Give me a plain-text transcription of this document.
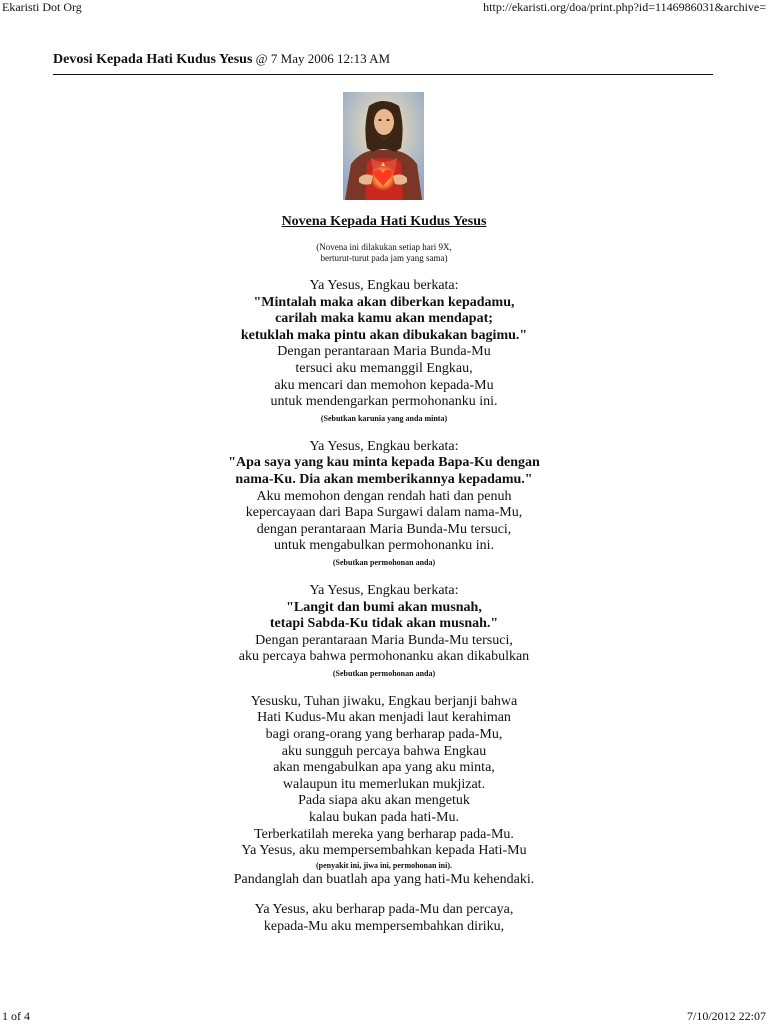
Ekaristi Dot Org	http://ekaristi.org/doa/print.php?id=1146986031&archive=
Devosi Kepada Hati Kudus Yesus @ 7 May 2006 12:13 AM

Novena Kepada Hati Kudus Yesus

(Novena ini dilakukan setiap hari 9X,
berturut-turut pada jam yang sama)
Ya Yesus, Engkau berkata:
"Mintalah maka akan diberkan kepadamu,
carilah maka kamu akan mendapat;
ketuklah maka pintu akan dibukakan bagimu."
Dengan perantaraan Maria Bunda-Mu
tersuci aku memanggil Engkau,
aku mencari dan memohon kepada-Mu
untuk mendengarkan permohonanku ini.
(Sebutkan karunia yang anda minta)
Ya Yesus, Engkau berkata:
"Apa saya yang kau minta kepada Bapa-Ku dengan
nama-Ku. Dia akan memberikannya kepadamu."
Aku memohon dengan rendah hati dan penuh
kepercayaan dari Bapa Surgawi dalam nama-Mu,
dengan perantaraan Maria Bunda-Mu tersuci,
untuk mengabulkan permohonanku ini.
(Sebutkan permohonan anda)
Ya Yesus, Engkau berkata:
"Langit dan bumi akan musnah,
tetapi Sabda-Ku tidak akan musnah."
Dengan perantaraan Maria Bunda-Mu tersuci,
aku percaya bahwa permohonanku akan dikabulkan
(Sebutkan permohonan anda)
Yesusku, Tuhan jiwaku, Engkau berjanji bahwa
Hati Kudus-Mu akan menjadi laut kerahiman
bagi orang-orang yang berharap pada-Mu,
aku sungguh percaya bahwa Engkau
akan mengabulkan apa yang aku minta,
walaupun itu memerlukan mukjizat.
Pada siapa aku akan mengetuk
kalau bukan pada hati-Mu.
Terberkatilah mereka yang berharap pada-Mu.
Ya Yesus, aku mempersembahkan kepada Hati-Mu
(penyakit ini, jiwa ini, permohonan ini).
Pandanglah dan buatlah apa yang hati-Mu kehendaki.
Ya Yesus, aku berharap pada-Mu dan percaya,
kepada-Mu aku mempersembahkan diriku,
1 of 4	7/10/2012 22:07
